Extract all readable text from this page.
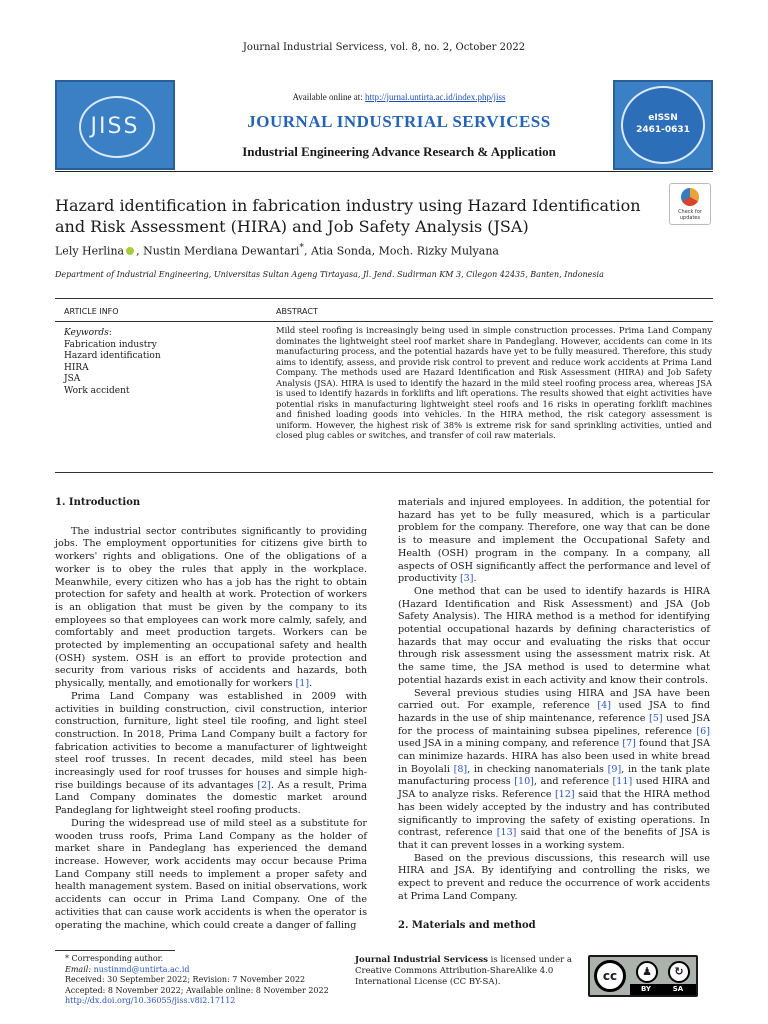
Journal Industrial Servicess, vol. 8, no. 2, October 2022
JISS
Available online at: http://jurnal.untirta.ac.id/index.php/jiss
JOURNAL INDUSTRIAL SERVICESS
Industrial Engineering Advance Research & Application
eISSN
2461-0631
Hazard identification in fabrication industry using Hazard Identification and Risk Assessment (HIRA) and Job Safety Analysis (JSA)
Check for
updates
Lely Herlina , Nustin Merdiana Dewantari*, Atia Sonda, Moch. Rizky Mulyana
Department of Industrial Engineering, Universitas Sultan Ageng Tirtayasa, Jl. Jend. Sudirman KM 3, Cilegon 42435, Banten, Indonesia
ARTICLE INFO	ABSTRACT
Keywords:
Fabrication industry
Hazard identification
HIRA
JSA
Work accident
Mild steel roofing is increasingly being used in simple construction processes. Prima Land Company dominates the lightweight steel roof market share in Pandeglang. However, accidents can come in its manufacturing process, and the potential hazards have yet to be fully measured. Therefore, this study aims to identify, assess, and provide risk control to prevent and reduce work accidents at Prima Land Company. The methods used are Hazard Identification and Risk Assessment (HIRA) and Job Safety Analysis (JSA). HIRA is used to identify the hazard in the mild steel roofing process area, whereas JSA is used to identify hazards in forklifts and lift operations. The results showed that eight activities have potential risks in manufacturing lightweight steel roofs and 16 risks in operating forklift machines and finished loading goods into vehicles. In the HIRA method, the risk category assessment is uniform. However, the highest risk of 38% is extreme risk for sand sprinkling activities, untied and closed plug cables or switches, and transfer of coil raw materials.

1. Introduction

The industrial sector contributes significantly to providing jobs. The employment opportunities for citizens give birth to workers' rights and obligations. One of the obligations of a worker is to obey the rules that apply in the workplace. Meanwhile, every citizen who has a job has the right to obtain protection for safety and health at work. Protection of workers is an obligation that must be given by the company to its employees so that employees can work more calmly, safely, and comfortably and meet production targets. Workers can be protected by implementing an occupational safety and health (OSH) system. OSH is an effort to provide protection and security from various risks of accidents and hazards, both physically, mentally, and emotionally for workers [1].

Prima Land Company was established in 2009 with activities in building construction, civil construction, interior construction, furniture, light steel tile roofing, and light steel construction. In 2018, Prima Land Company built a factory for fabrication activities to become a manufacturer of lightweight steel roof trusses. In recent decades, mild steel has been increasingly used for roof trusses for houses and simple high-rise buildings because of its advantages [2]. As a result, Prima Land Company dominates the domestic market around Pandeglang for lightweight steel roofing products.

During the widespread use of mild steel as a substitute for wooden truss roofs, Prima Land Company as the holder of market share in Pandeglang has experienced the demand increase. However, work accidents may occur because Prima Land Company still needs to implement a proper safety and health management system. Based on initial observations, work accidents can occur in Prima Land Company. One of the activities that can cause work accidents is when the operator is operating the machine, which could create a danger of falling

materials and injured employees. In addition, the potential for hazard has yet to be fully measured, which is a particular problem for the company. Therefore, one way that can be done is to measure and implement the Occupational Safety and Health (OSH) program in the company. In a company, all aspects of OSH significantly affect the performance and level of productivity [3].

One method that can be used to identify hazards is HIRA (Hazard Identification and Risk Assessment) and JSA (Job Safety Analysis). The HIRA method is a method for identifying potential occupational hazards by defining characteristics of hazards that may occur and evaluating the risks that occur through risk assessment using the assessment matrix risk. At the same time, the JSA method is used to determine what potential hazards exist in each activity and know their controls.

Several previous studies using HIRA and JSA have been carried out. For example, reference [4] used JSA to find hazards in the use of ship maintenance, reference [5] used JSA for the process of maintaining subsea pipelines, reference [6] used JSA in a mining company, and reference [7] found that JSA can minimize hazards. HIRA has also been used in white bread in Boyolali [8], in checking nanomaterials [9], in the tank plate manufacturing process [10], and reference [11] used HIRA and JSA to analyze risks. Reference [12] said that the HIRA method has been widely accepted by the industry and has contributed significantly to improving the safety of existing operations. In contrast, reference [13] said that one of the benefits of JSA is that it can prevent losses in a working system.

Based on the previous discussions, this research will use HIRA and JSA. By identifying and controlling the risks, we expect to prevent and reduce the occurrence of work accidents at Prima Land Company.

2. Materials and method

* Corresponding author.
Email: nustinmd@untirta.ac.id
Received: 30 September 2022; Revision: 7 November 2022
Accepted: 8 November 2022; Available online: 8 November 2022
http://dx.doi.org/10.36055/jiss.v8i2.17112
Journal Industrial Servicess is licensed under a Creative Commons Attribution-ShareAlike 4.0 International License (CC BY-SA).	cc	♟	↻
BY	SA
